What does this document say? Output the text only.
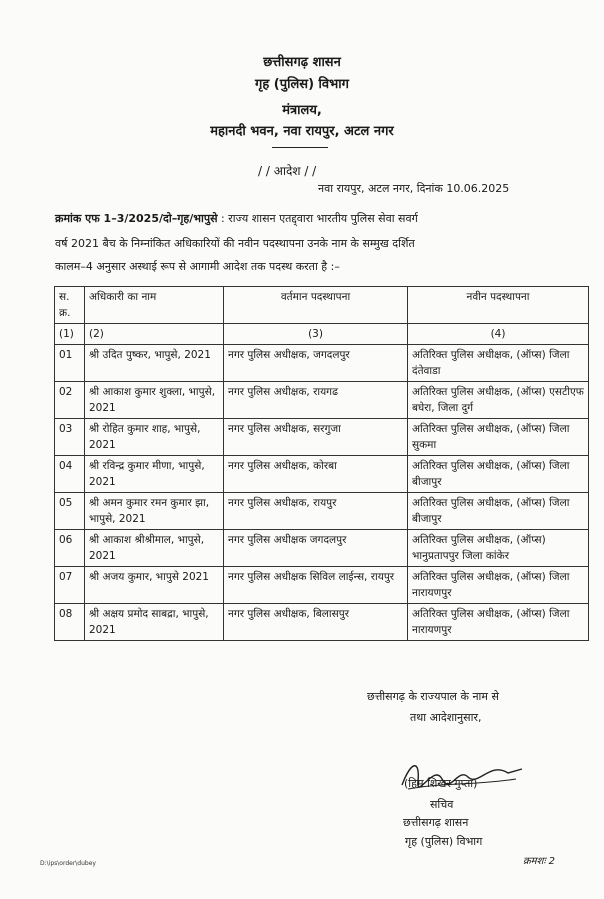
छत्तीसगढ़ शासन
गृह (पुलिस) विभाग
मंत्रालय,
महानदी भवन, नवा रायपुर, अटल नगर
/ / आदेश / /
नवा रायपुर, अटल नगर, दिनांक 10.06.2025
क्रमांक एफ 1–3/2025/दो–गृह/भापुसे : राज्य शासन एतद्द्वारा भारतीय पुलिस सेवा सवर्ग
वर्ष 2021 बैच के निम्नांकित अधिकारियों की नवीन पदस्थापना उनके नाम के सम्मुख दर्शित
कालम–4 अनुसार अस्थाई रूप से आगामी आदेश तक पदस्थ करता है :–
स. क्र.	अधिकारी का नाम	वर्तमान पदस्थापना	नवीन पदस्थापना
(1)	(2)	(3)	(4)
01	श्री उदित पुष्कर, भापुसे, 2021	नगर पुलिस अधीक्षक, जगदलपुर	अतिरिक्त पुलिस अधीक्षक, (ऑप्स) जिला दंतेवाडा
02	श्री आकाश कुमार शुक्ला, भापुसे, 2021	नगर पुलिस अधीक्षक, रायगढ	अतिरिक्त पुलिस अधीक्षक, (ऑप्स) एसटीएफ बघेरा, जिला दुर्ग
03	श्री रोहित कुमार शाह, भापुसे, 2021	नगर पुलिस अधीक्षक, सरगुजा	अतिरिक्त पुलिस अधीक्षक, (ऑप्स) जिला सुकमा
04	श्री रविन्द्र कुमार मीणा, भापुसे, 2021	नगर पुलिस अधीक्षक, कोरबा	अतिरिक्त पुलिस अधीक्षक, (ऑप्स) जिला बीजापुर
05	श्री अमन कुमार रमन कुमार झा, भापुसे, 2021	नगर पुलिस अधीक्षक, रायपुर	अतिरिक्त पुलिस अधीक्षक, (ऑप्स) जिला बीजापुर
06	श्री आकाश श्रीश्रीमाल, भापुसे, 2021	नगर पुलिस अधीक्षक जगदलपुर	अतिरिक्त पुलिस अधीक्षक, (ऑप्स) भानुप्रतापपुर जिला कांकेर
07	श्री अजय कुमार, भापुसे 2021	नगर पुलिस अधीक्षक सिविल लाईन्स, रायपुर	अतिरिक्त पुलिस अधीक्षक, (ऑप्स) जिला नारायणपुर
08	श्री अक्षय प्रमोद साबद्रा, भापुसे, 2021	नगर पुलिस अधीक्षक, बिलासपुर	अतिरिक्त पुलिस अधीक्षक, (ऑप्स) जिला नारायणपुर
छत्तीसगढ़ के राज्यपाल के नाम से
तथा आदेशानुसार,
(हिम शिखर गुप्ता)
सचिव
छत्तीसगढ़ शासन
गृह (पुलिस) विभाग
D:\ips\order\dubey	क्रमशः 2
